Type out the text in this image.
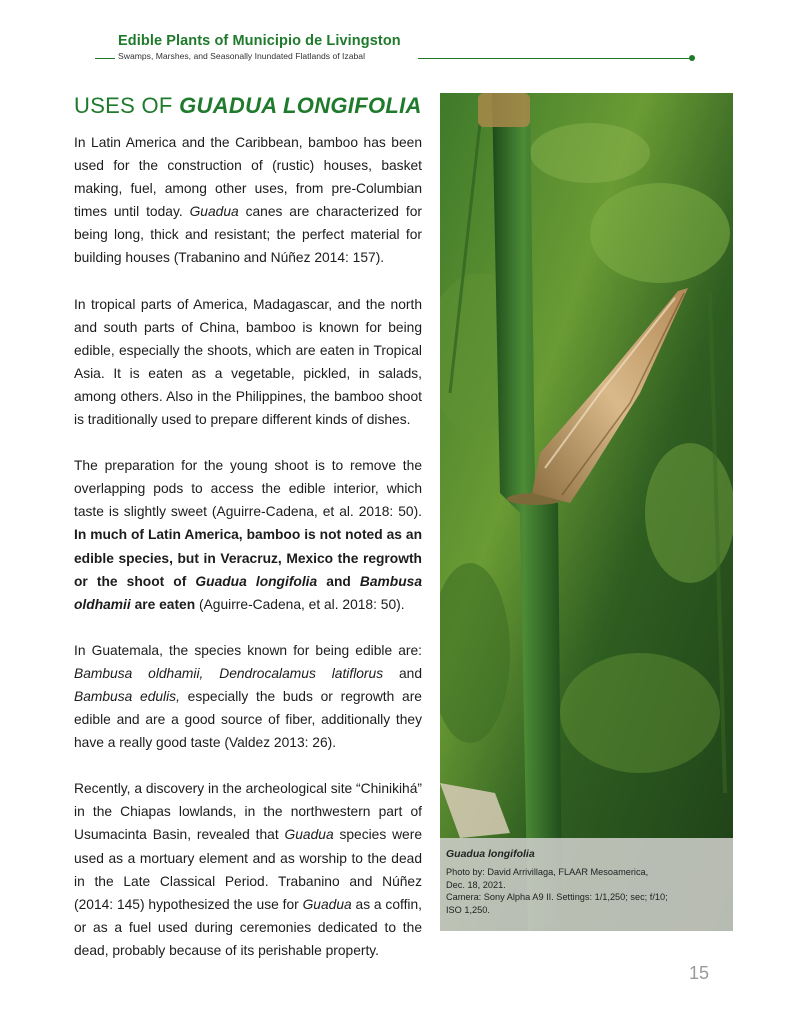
Edible Plants of Municipio de Livingston
Swamps, Marshes, and Seasonally Inundated Flatlands of Izabal
USES OF GUADUA LONGIFOLIA

In Latin America and the Caribbean, bamboo has been used for the construction of (rustic) houses, basket making, fuel, among other uses, from pre-Columbian times until today. Guadua canes are characterized for being long, thick and resistant; the perfect material for building houses (Trabanino and Núñez 2014: 157).

In tropical parts of America, Madagascar, and the north and south parts of China, bamboo is known for being edible, especially the shoots, which are eaten in Tropical Asia. It is eaten as a vegetable, pickled, in salads, among others. Also in the Philippines, the bamboo shoot is traditionally used to prepare different kinds of dishes.

The preparation for the young shoot is to remove the overlapping pods to access the edible interior, which taste is slightly sweet (Aguirre-Cadena, et al. 2018: 50). In much of Latin America, bamboo is not noted as an edible species, but in Veracruz, Mexico the regrowth or the shoot of Guadua longifolia and Bambusa oldhamii are eaten (Aguirre-Cadena, et al. 2018: 50).

In Guatemala, the species known for being edible are: Bambusa oldhamii, Dendrocalamus latiflorus and Bambusa edulis, especially the buds or regrowth are edible and are a good source of fiber, additionally they have a really good taste (Valdez 2013: 26).

Recently, a discovery in the archeological site “Chinikihá” in the Chiapas lowlands, in the northwestern part of Usumacinta Basin, revealed that Guadua species were used as a mortuary element and as worship to the dead in the Late Classical Period. Trabanino and Núñez (2014: 145) hypothesized the use for Guadua as a coffin, or as a fuel used during ceremonies dedicated to the dead, probably because of its perishable property.

Guadua longifolia
Photo by: David Arrivillaga, FLAAR Mesoamerica,
Dec. 18, 2021.
Camera: Sony Alpha A9 II. Settings: 1/1,250; sec; f/10;
ISO 1,250.
15
